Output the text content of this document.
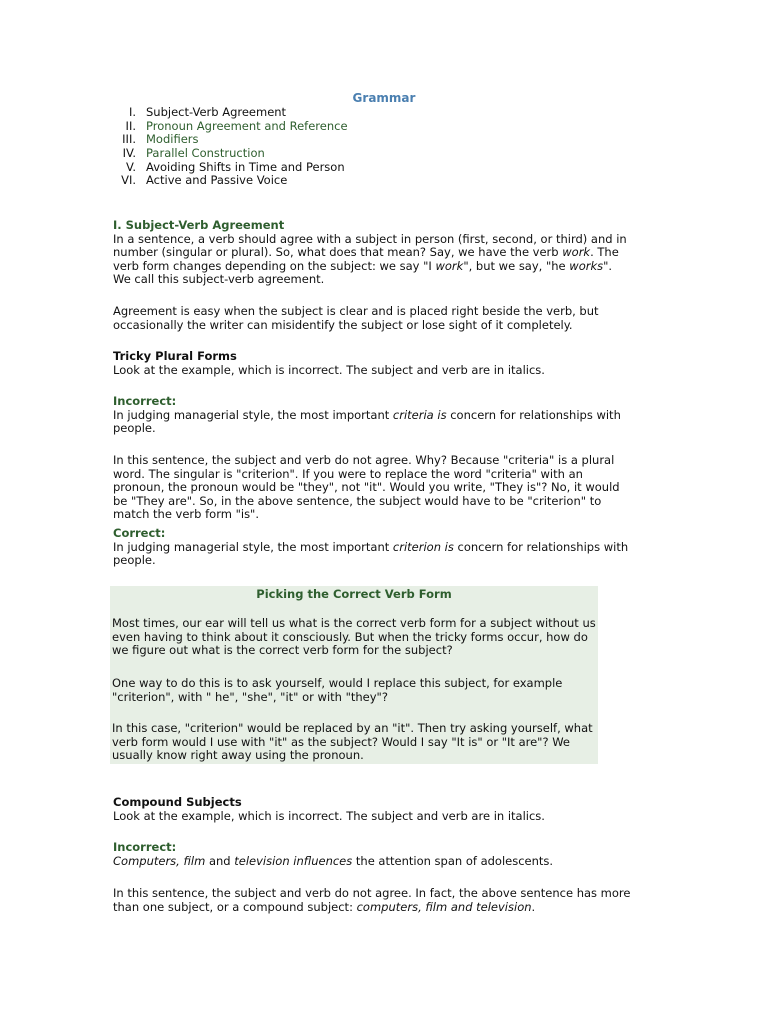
Grammar
I. Subject-Verb Agreement
II. Pronoun Agreement and Reference
III. Modifiers
IV. Parallel Construction
V. Avoiding Shifts in Time and Person
VI. Active and Passive Voice

I. Subject-Verb Agreement

In a sentence, a verb should agree with a subject in person (first, second, or third) and in number (singular or plural). So, what does that mean? Say, we have the verb work. The verb form changes depending on the subject: we say "I work", but we say, "he works". We call this subject-verb agreement.

Agreement is easy when the subject is clear and is placed right beside the verb, but occasionally the writer can misidentify the subject or lose sight of it completely.

Tricky Plural Forms

Look at the example, which is incorrect. The subject and verb are in italics.

Incorrect:

In judging managerial style, the most important criteria is concern for relationships with people.

In this sentence, the subject and verb do not agree. Why? Because "criteria" is a plural word. The singular is "criterion". If you were to replace the word "criteria" with an pronoun, the pronoun would be "they", not "it". Would you write, "They is"? No, it would be "They are". So, in the above sentence, the subject would have to be "criterion" to match the verb form "is".

Correct:

In judging managerial style, the most important criterion is concern for relationships with people.

Picking the Correct Verb Form

Most times, our ear will tell us what is the correct verb form for a subject without us even having to think about it consciously. But when the tricky forms occur, how do we figure out what is the correct verb form for the subject?

One way to do this is to ask yourself, would I replace this subject, for example "criterion", with " he", "she", "it" or with "they"?

In this case, "criterion" would be replaced by an "it". Then try asking yourself, what verb form would I use with "it" as the subject? Would I say "It is" or "It are"? We usually know right away using the pronoun.

Compound Subjects

Look at the example, which is incorrect. The subject and verb are in italics.

Incorrect:

Computers, film and television influences the attention span of adolescents.

In this sentence, the subject and verb do not agree. In fact, the above sentence has more than one subject, or a compound subject: computers, film and television.
